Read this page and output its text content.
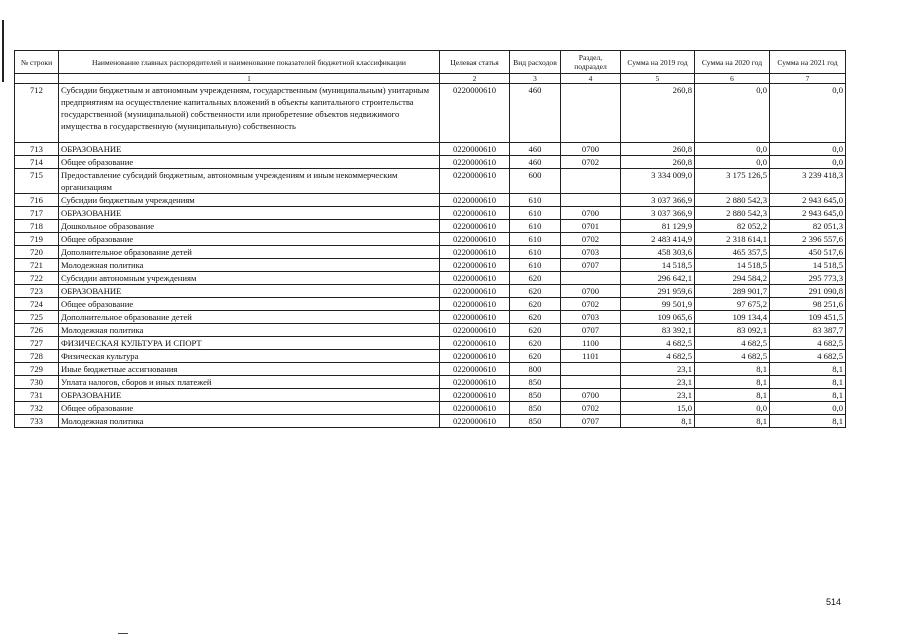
№ строки	Наименование главных распорядителей и наименование показателей бюджетной классификации	Целевая статья	Вид расходов	Раздел, подраздел	Сумма на 2019 год	Сумма на 2020 год	Сумма на 2021 год
	1	2	3	4	5	6	7
712	Субсидии бюджетным и автономным учреждениям, государственным (муниципальным) унитарным предприятиям на осуществление капитальных вложений в объекты капитального строительства государственной (муниципальной) собственности или приобретение объектов недвижимого имущества в государственную (муниципальную) собственность	0220000610	460		260,8	0,0	0,0
713	ОБРАЗОВАНИЕ	0220000610	460	0700	260,8	0,0	0,0
714	Общее образование	0220000610	460	0702	260,8	0,0	0,0
715	Предоставление субсидий бюджетным, автономным учреждениям и иным некоммерческим организациям	0220000610	600		3 334 009,0	3 175 126,5	3 239 418,3
716	Субсидии бюджетным учреждениям	0220000610	610		3 037 366,9	2 880 542,3	2 943 645,0
717	ОБРАЗОВАНИЕ	0220000610	610	0700	3 037 366,9	2 880 542,3	2 943 645,0
718	Дошкольное образование	0220000610	610	0701	81 129,9	82 052,2	82 051,3
719	Общее образование	0220000610	610	0702	2 483 414,9	2 318 614,1	2 396 557,6
720	Дополнительное образование детей	0220000610	610	0703	458 303,6	465 357,5	450 517,6
721	Молодежная политика	0220000610	610	0707	14 518,5	14 518,5	14 518,5
722	Субсидии автономным учреждениям	0220000610	620		296 642,1	294 584,2	295 773,3
723	ОБРАЗОВАНИЕ	0220000610	620	0700	291 959,6	289 901,7	291 090,8
724	Общее образование	0220000610	620	0702	99 501,9	97 675,2	98 251,6
725	Дополнительное образование детей	0220000610	620	0703	109 065,6	109 134,4	109 451,5
726	Молодежная политика	0220000610	620	0707	83 392,1	83 092,1	83 387,7
727	ФИЗИЧЕСКАЯ КУЛЬТУРА И СПОРТ	0220000610	620	1100	4 682,5	4 682,5	4 682,5
728	Физическая культура	0220000610	620	1101	4 682,5	4 682,5	4 682,5
729	Иные бюджетные ассигнования	0220000610	800		23,1	8,1	8,1
730	Уплата налогов, сборов и иных платежей	0220000610	850		23,1	8,1	8,1
731	ОБРАЗОВАНИЕ	0220000610	850	0700	23,1	8,1	8,1
732	Общее образование	0220000610	850	0702	15,0	0,0	0,0
733	Молодежная политика	0220000610	850	0707	8,1	8,1	8,1
514
